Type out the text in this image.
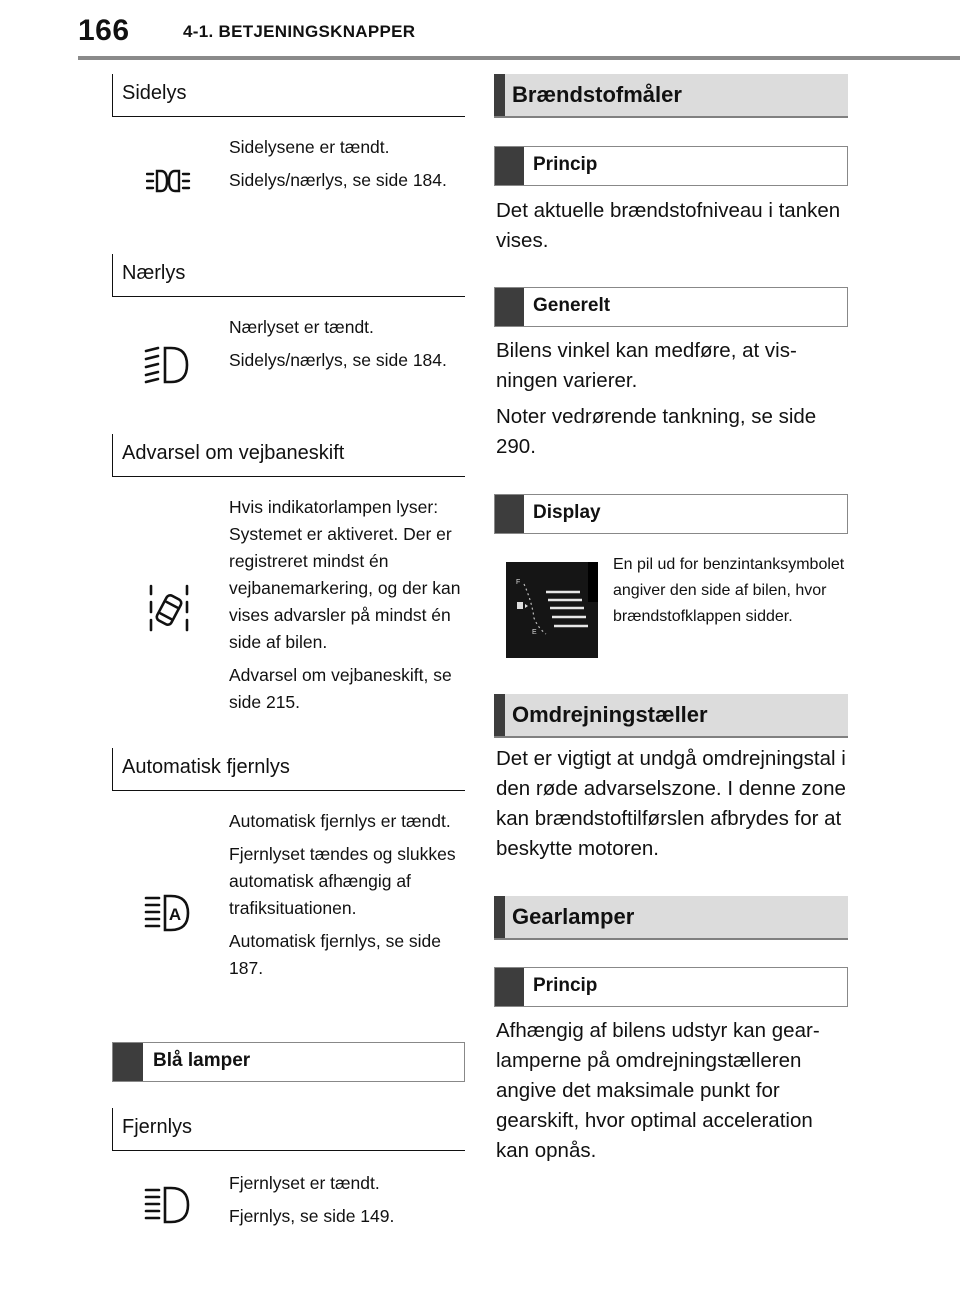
166	4-1. BETJENINGSKNAPPER
Sidelys

Sidelysene er tændt.

Sidelys/nærlys, se side 184.

Nærlys

Nærlyset er tændt.

Sidelys/nærlys, se side 184.

Advarsel om vejbaneskift

Hvis indikatorlampen lyser: Systemet er aktiveret. Der er registreret mindst én vejbanemarkering, og der kan vises advarsler på mindst én side af bilen.

Advarsel om vejbaneskift, se side 215.

Automatisk fjernlys
A

Automatisk fjernlys er tændt.

Fjernlyset tændes og slukkes automatisk afhængig af trafiksituationen.

Automatisk fjernlys, se side 187.

Blå lamper
Fjernlys

Fjernlyset er tændt.

Fjernlys, se side 149.

Brændstofmåler
Princip

Det aktuelle brændstofniveau i tanken vises.

Generelt

Bilens vinkel kan medføre, at visningen varierer.

Noter vedrørende tankning, se side 290.

Display
F
E
En pil ud for benzintanksymbolet angiver den side af bilen, hvor brændstofklappen sidder.
Omdrejningstæller

Det er vigtigt at undgå omdrejningstal i den røde advarselszone. I denne zone kan brændstoftilførslen afbrydes for at beskytte motoren.

Gearlamper
Princip

Afhængig af bilens udstyr kan gearlamperne på omdrejningstælleren angive det maksimale punkt for gearskift, hvor optimal acceleration kan opnås.
